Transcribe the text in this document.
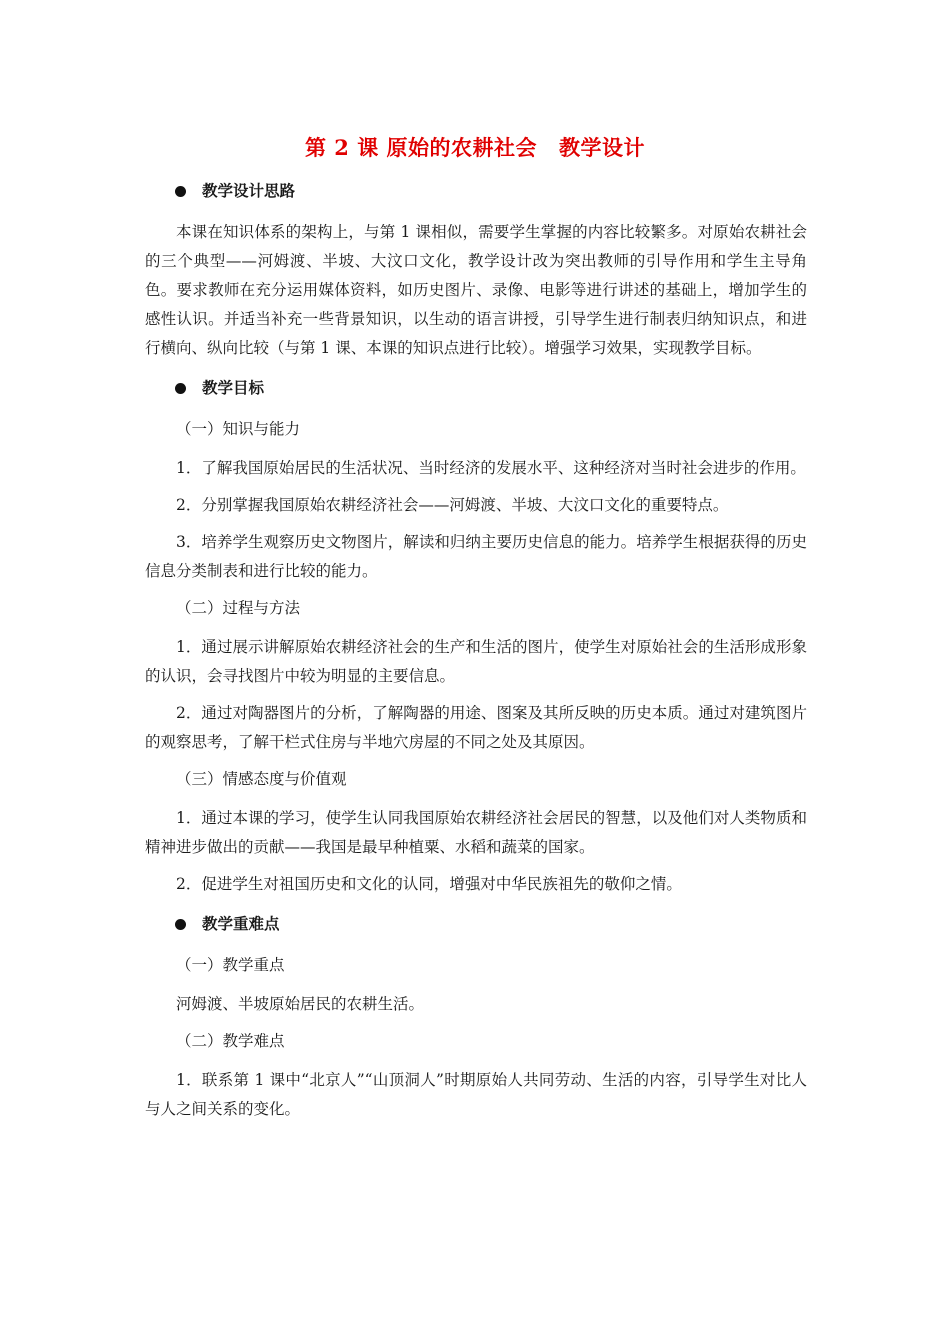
第 2 课 原始的农耕社会 教学设计
教学设计思路

本课在知识体系的架构上，与第 1 课相似，需要学生掌握的内容比较繁多。对原始农耕社会的三个典型——河姆渡、半坡、大汶口文化，教学设计改为突出教师的引导作用和学生主导角色。要求教师在充分运用媒体资料，如历史图片、录像、电影等进行讲述的基础上，增加学生的感性认识。并适当补充一些背景知识，以生动的语言讲授，引导学生进行制表归纳知识点，和进行横向、纵向比较（与第 1 课、本课的知识点进行比较）。增强学习效果，实现教学目标。

教学目标

（一）知识与能力

1．了解我国原始居民的生活状况、当时经济的发展水平、这种经济对当时社会进步的作用。

2．分别掌握我国原始农耕经济社会——河姆渡、半坡、大汶口文化的重要特点。

3．培养学生观察历史文物图片，解读和归纳主要历史信息的能力。培养学生根据获得的历史信息分类制表和进行比较的能力。

（二）过程与方法

1．通过展示讲解原始农耕经济社会的生产和生活的图片，使学生对原始社会的生活形成形象的认识，会寻找图片中较为明显的主要信息。

2．通过对陶器图片的分析，了解陶器的用途、图案及其所反映的历史本质。通过对建筑图片的观察思考，了解干栏式住房与半地穴房屋的不同之处及其原因。

（三）情感态度与价值观

1．通过本课的学习，使学生认同我国原始农耕经济社会居民的智慧，以及他们对人类物质和精神进步做出的贡献——我国是最早种植粟、水稻和蔬菜的国家。

2．促进学生对祖国历史和文化的认同，增强对中华民族祖先的敬仰之情。

教学重难点

（一）教学重点

河姆渡、半坡原始居民的农耕生活。

（二）教学难点

1．联系第 1 课中“北京人”“山顶洞人”时期原始人共同劳动、生活的内容，引导学生对比人与人之间关系的变化。
